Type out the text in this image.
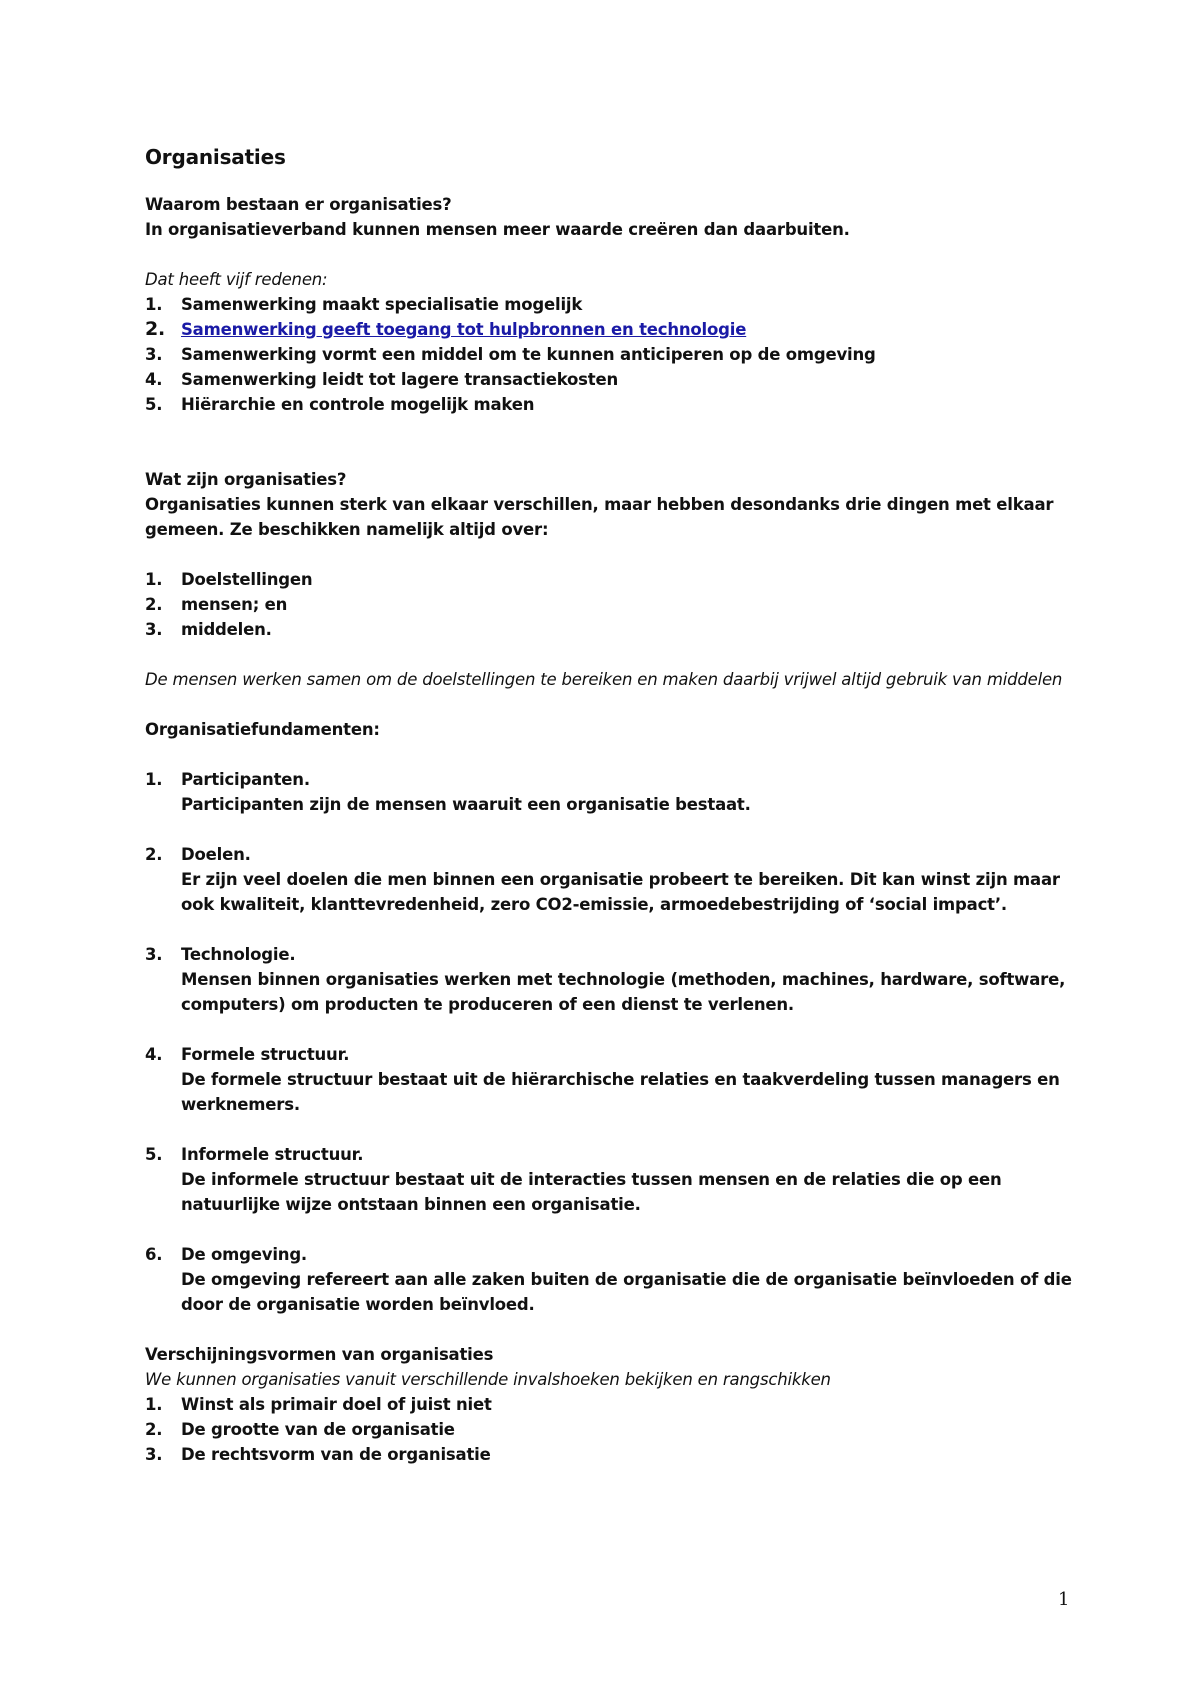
Organisaties

Waarom bestaan er organisaties?

In organisatieverband kunnen mensen meer waarde creëren dan daarbuiten.

Dat heeft vijf redenen:

1. Samenwerking maakt specialisatie mogelijk
2. Samenwerking geeft toegang tot hulpbronnen en technologie
3. Samenwerking vormt een middel om te kunnen anticiperen op de omgeving
4. Samenwerking leidt tot lagere transactiekosten
5. Hiërarchie en controle mogelijk maken

Wat zijn organisaties?

Organisaties kunnen sterk van elkaar verschillen, maar hebben desondanks drie dingen met elkaar gemeen. Ze beschikken namelijk altijd over:

1. Doelstellingen
2. mensen; en
3. middelen.

De mensen werken samen om de doelstellingen te bereiken en maken daarbij vrijwel altijd gebruik van middelen

Organisatiefundamenten:

1. Participanten.
Participanten zijn de mensen waaruit een organisatie bestaat.
2. Doelen.
Er zijn veel doelen die men binnen een organisatie probeert te bereiken. Dit kan winst zijn maar ook kwaliteit, klanttevredenheid, zero CO2-emissie, armoedebestrijding of ‘social impact’.
3. Technologie.
Mensen binnen organisaties werken met technologie (methoden, machines, hardware, software, computers) om producten te produceren of een dienst te verlenen.
4. Formele structuur.
De formele structuur bestaat uit de hiërarchische relaties en taakverdeling tussen managers en werknemers.
5. Informele structuur.
De informele structuur bestaat uit de interacties tussen mensen en de relaties die op een natuurlijke wijze ontstaan binnen een organisatie.
6. De omgeving.
De omgeving refereert aan alle zaken buiten de organisatie die de organisatie beïnvloeden of die door de organisatie worden beïnvloed.

Verschijningsvormen van organisaties

We kunnen organisaties vanuit verschillende invalshoeken bekijken en rangschikken

1. Winst als primair doel of juist niet
2. De grootte van de organisatie
3. De rechtsvorm van de organisatie
1
